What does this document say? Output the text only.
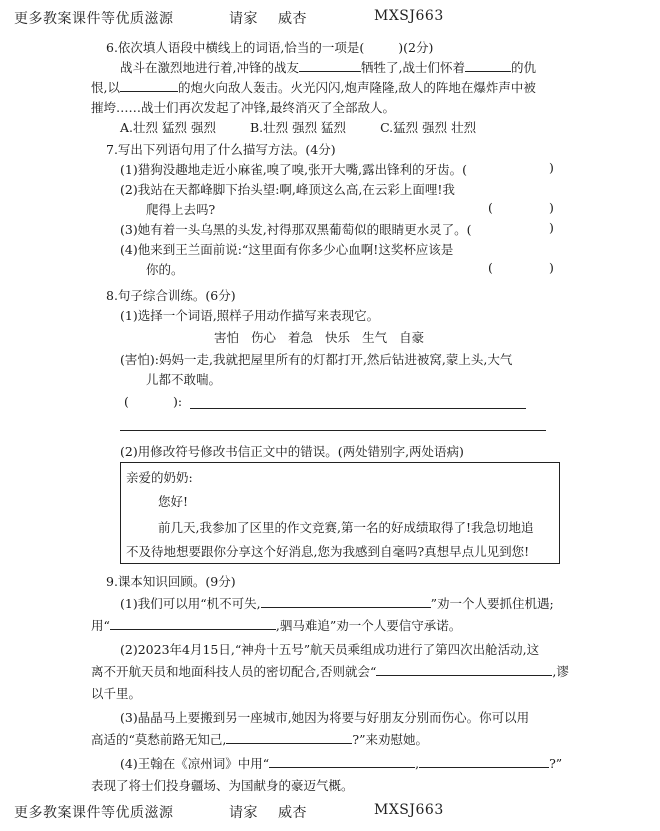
更多教案课件等优质滋源	请家 威杏	MXSJ663
6.依次填人语段中横线上的词语,恰当的一项是(	)(2分)
战斗在激烈地进行着,冲锋的战友	牺牲了,战士们怀着	的仇
恨,以	的炮火向敌人轰击。火光闪闪,炮声隆隆,敌人的阵地在爆炸声中被
摧垮……战士们再次发起了冲锋,最终消灭了全部敌人。
A.壮烈 猛烈 强烈	B.壮烈 强烈 猛烈	C.猛烈 强烈 壮烈
7.写出下列语句用了什么描写方法。(4分)
(1)猎狗没趣地走近小麻雀,嗅了嗅,张开大嘴,露出锋利的牙齿。(	)
(2)我站在天都峰脚下抬头望:啊,峰顶这么高,在云彩上面哩!我
爬得上去吗?	(	)
(3)她有着一头乌黑的头发,衬得那双黑葡萄似的眼睛更水灵了。(	)
(4)他来到王兰面前说:“这里面有你多少心血啊!这奖杯应该是
你的。	(	)
8.句子综合训练。(6分)
(1)选择一个词语,照样子用动作描写来表现它。
害怕 伤心 着急 快乐 生气 自豪
(害怕):妈妈一走,我就把屋里所有的灯都打开,然后钻进被窝,蒙上头,大气
儿都不敢喘。
(	):
(2)用修改符号修改书信正文中的错误。(两处错别字,两处语病)
亲爱的奶奶:
您好!
前几天,我参加了区里的作文竞赛,第一名的好成绩取得了!我急切地追
不及待地想要跟你分享这个好消息,您为我感到自毫吗?真想早点儿见到您!
9.课本知识回顾。(9分)
(1)我们可以用“机不可失,	”劝一个人要抓住机遇;
用“	,驷马难追”劝一个人要信守承诺。
(2)2023年4月15日,“神舟十五号”航天员乘组成功进行了第四次出舱活动,这
离不开航天员和地面科技人员的密切配合,否则就会“	,谬
以千里。
(3)晶晶马上要搬到另一座城市,她因为将要与好朋友分别而伤心。你可以用
高适的“莫愁前路无知己,	?”来劝慰她。
(4)王翰在《凉州词》中用“	,	?”
表现了将士们投身疆场、为国献身的豪迈气概。
更多教案课件等优质滋源	请家 威杏	MXSJ663
